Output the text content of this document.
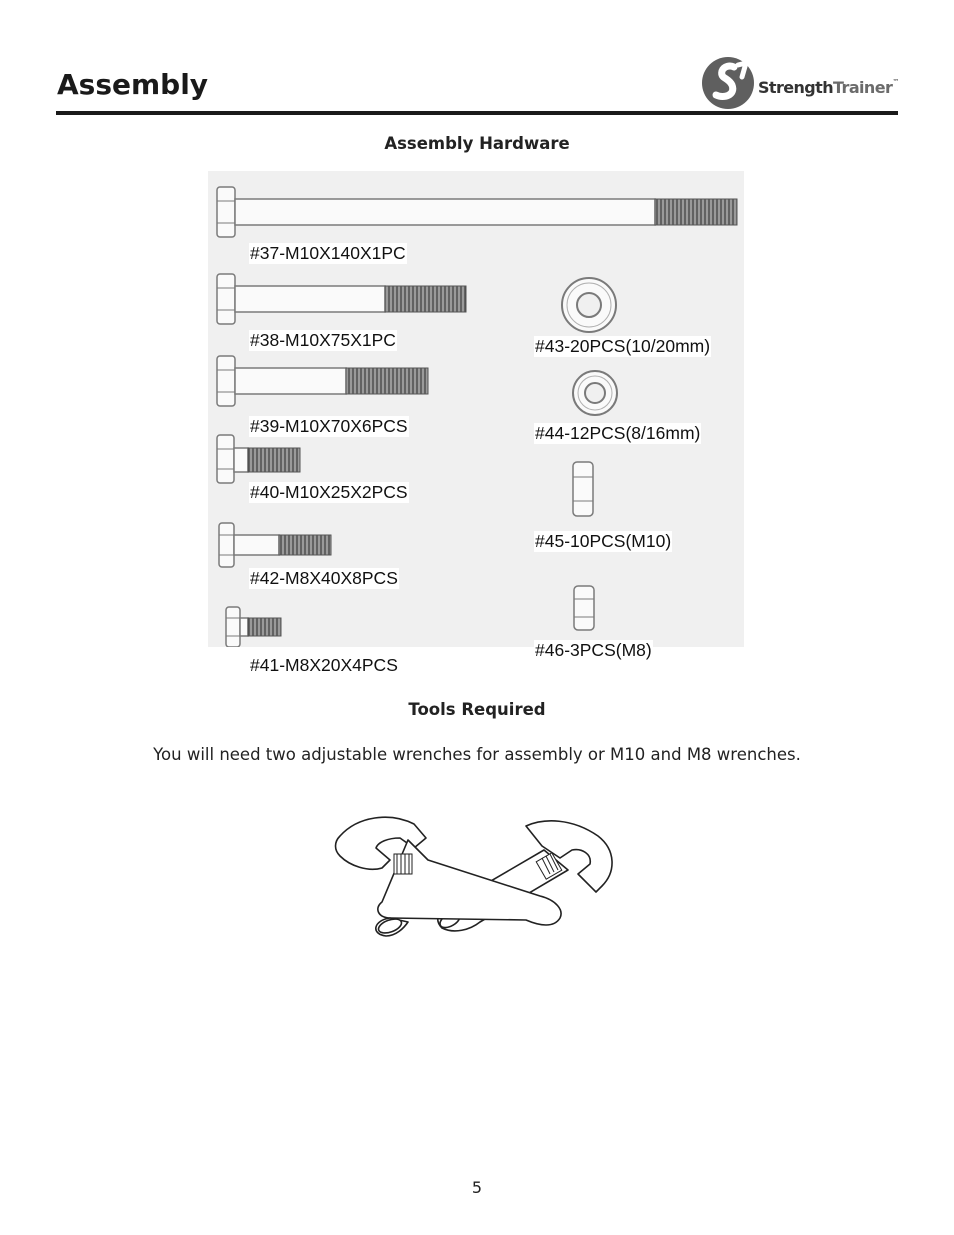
Assembly	StrengthTrainer™
Assembly Hardware
#37-M10X140X1PC
#38-M10X75X1PC
#39-M10X70X6PCS
#40-M10X25X2PCS
#42-M8X40X8PCS
#41-M8X20X4PCS
#43-20PCS(10/20mm)
#44-12PCS(8/16mm)
#45-10PCS(M10)
#46-3PCS(M8)
Tools Required

You will need two adjustable wrenches for assembly or M10 and M8 wrenches.

5
